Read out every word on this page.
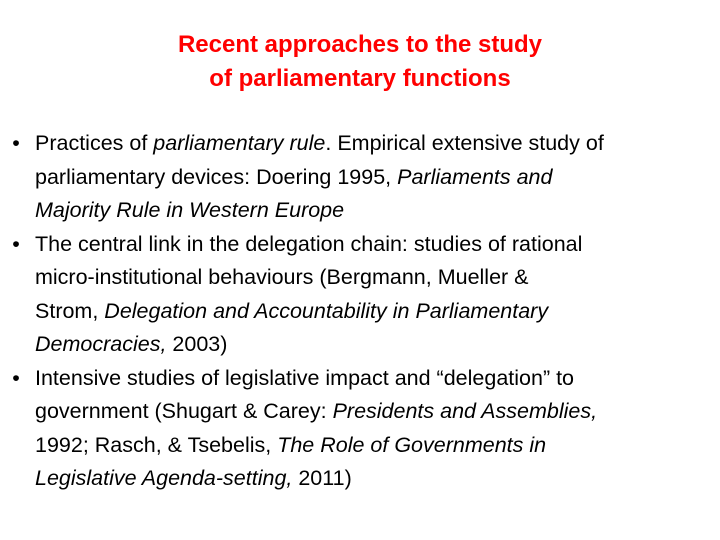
Recent approaches to the study
of parliamentary functions
• Practices of parliamentary rule. Empirical extensive study of
parliamentary devices: Doering 1995, Parliaments and
Majority Rule in Western Europe
• The central link in the delegation chain: studies of rational
micro-institutional behaviours (Bergmann, Mueller &
Strom, Delegation and Accountability in Parliamentary
Democracies, 2003)
• Intensive studies of legislative impact and “delegation” to
government (Shugart & Carey: Presidents and Assemblies,
1992; Rasch, & Tsebelis, The Role of Governments in
Legislative Agenda-setting, 2011)
